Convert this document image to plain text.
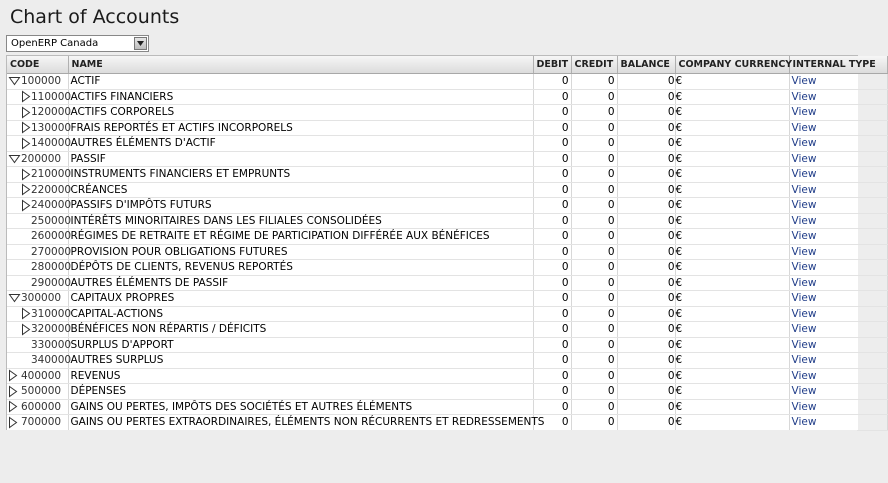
Chart of Accounts
OpenERP Canada
CODE	NAME	DEBIT	CREDIT	BALANCE	COMPANY CURRENCY	INTERNAL TYPE

100000	ACTIF	0	0	0	€	View

110000	ACTIFS FINANCIERS	0	0	0	€	View

120000	ACTIFS CORPORELS	0	0	0	€	View

130000	FRAIS REPORTÉS ET ACTIFS INCORPORELS	0	0	0	€	View

140000	AUTRES ÉLÉMENTS D'ACTIF	0	0	0	€	View

200000	PASSIF	0	0	0	€	View

210000	INSTRUMENTS FINANCIERS ET EMPRUNTS	0	0	0	€	View

220000	CRÉANCES	0	0	0	€	View

240000	PASSIFS D'IMPÔTS FUTURS	0	0	0	€	View
250000	INTÉRÊTS MINORITAIRES DANS LES FILIALES CONSOLIDÉES	0	0	0	€	View
260000	RÉGIMES DE RETRAITE ET RÉGIME DE PARTICIPATION DIFFÉRÉE AUX BÉNÉFICES	0	0	0	€	View
270000	PROVISION POUR OBLIGATIONS FUTURES	0	0	0	€	View
280000	DÉPÔTS DE CLIENTS, REVENUS REPORTÉS	0	0	0	€	View
290000	AUTRES ÉLÉMENTS DE PASSIF	0	0	0	€	View

300000	CAPITAUX PROPRES	0	0	0	€	View

310000	CAPITAL-ACTIONS	0	0	0	€	View

320000	BÉNÉFICES NON RÉPARTIS / DÉFICITS	0	0	0	€	View
330000	SURPLUS D'APPORT	0	0	0	€	View
340000	AUTRES SURPLUS	0	0	0	€	View

400000	REVENUS	0	0	0	€	View

500000	DÉPENSES	0	0	0	€	View

600000	GAINS OU PERTES, IMPÔTS DES SOCIÉTÉS ET AUTRES ÉLÉMENTS	0	0	0	€	View

700000	GAINS OU PERTES EXTRAORDINAIRES, ÉLÉMENTS NON RÉCURRENTS ET REDRESSEMENTS	0	0	0	€	View
